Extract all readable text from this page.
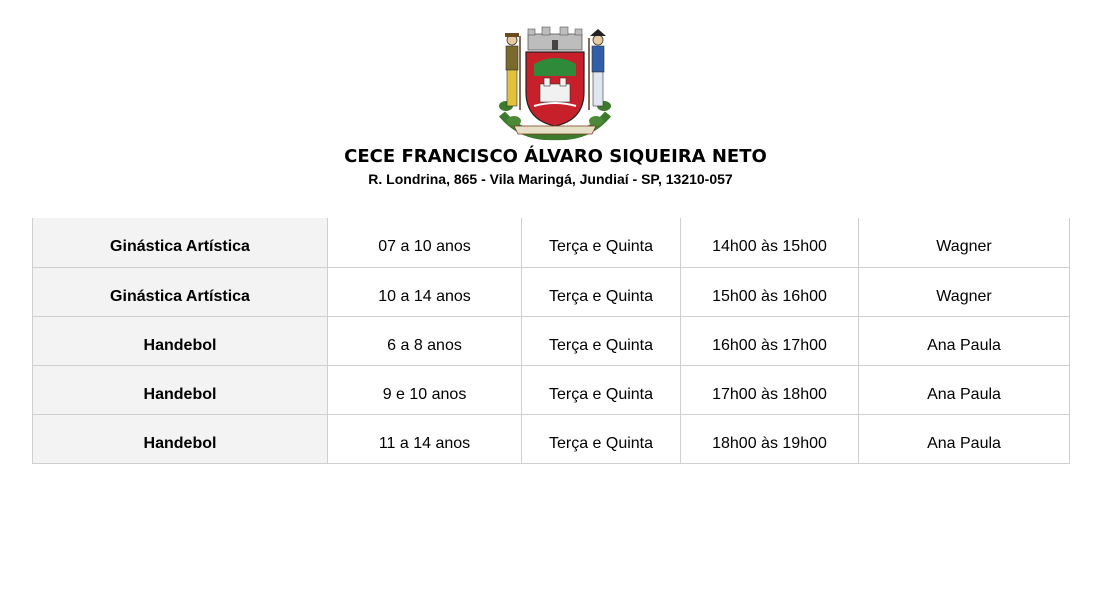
CECE FRANCISCO ÁLVARO SIQUEIRA NETO
R. Londrina, 865 - Vila Maringá, Jundiaí - SP, 13210-057
Ginástica Artística	07 a 10 anos	Terça e Quinta	14h00 às 15h00	Wagner
Ginástica Artística	10 a 14 anos	Terça e Quinta	15h00 às 16h00	Wagner
Handebol	6 a 8 anos	Terça e Quinta	16h00 às 17h00	Ana Paula
Handebol	9 e 10 anos	Terça e Quinta	17h00 às 18h00	Ana Paula
Handebol	11 a 14 anos	Terça e Quinta	18h00 às 19h00	Ana Paula
